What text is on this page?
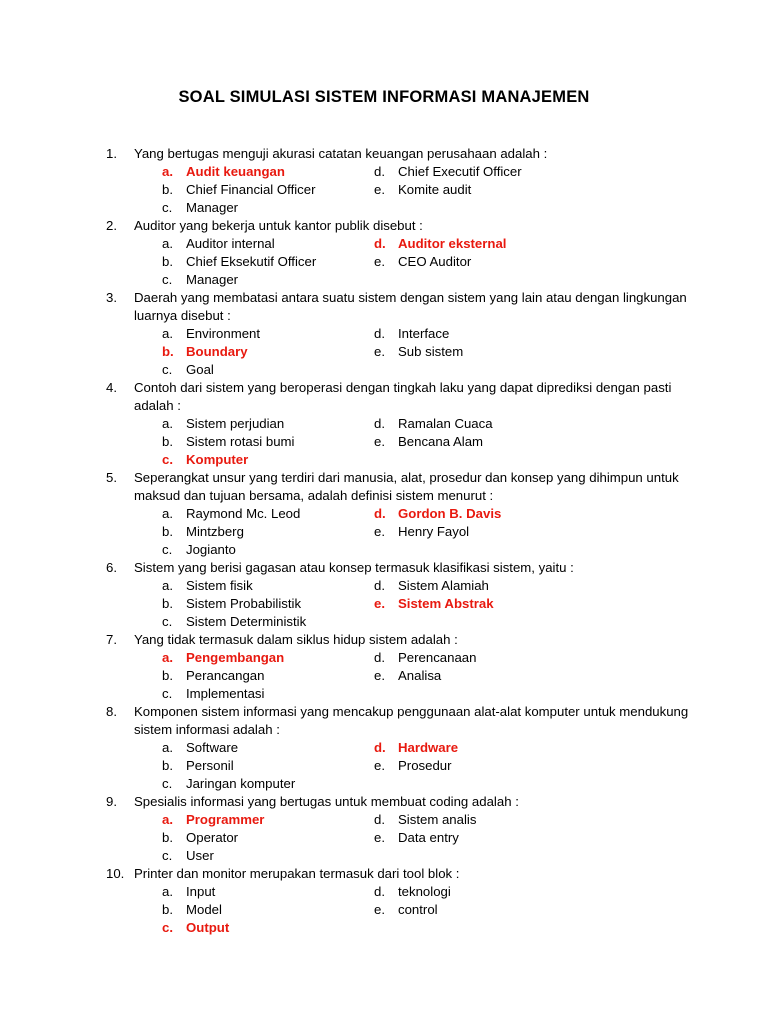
SOAL SIMULASI SISTEM INFORMASI MANAJEMEN
1.	Yang bertugas menguji akurasi catatan keuangan perusahaan adalah :

a. Audit keuangan	d. Chief Executif Officer
b. Chief Financial Officer	e. Komite audit
c.	Manager
2.	Auditor yang bekerja untuk kantor publik disebut :

a. Auditor internal	d. Auditor eksternal
b. Chief Eksekutif Officer	e. CEO Auditor
c.	Manager
3.	Daerah yang membatasi antara suatu sistem dengan sistem yang lain atau dengan lingkungan luarnya disebut :

a. Environment	d. Interface
b. Boundary	e. Sub sistem
c.	Goal
4.	Contoh dari sistem yang beroperasi dengan tingkah laku yang dapat diprediksi dengan pasti adalah :

a. Sistem perjudian	d. Ramalan Cuaca
b. Sistem rotasi bumi	e. Bencana Alam
c. Komputer
5.	Seperangkat unsur yang terdiri dari manusia, alat, prosedur dan konsep yang dihimpun untuk maksud dan tujuan bersama, adalah definisi sistem menurut :

a. Raymond Mc. Leod	d. Gordon B. Davis
b. Mintzberg	e. Henry Fayol
c.	Jogianto
6.	Sistem yang berisi gagasan atau konsep termasuk klasifikasi sistem, yaitu :

a. Sistem fisik	d. Sistem Alamiah
b. Sistem Probabilistik	e. Sistem Abstrak
c.	Sistem Deterministik
7.	Yang tidak termasuk dalam siklus hidup sistem adalah :

a. Pengembangan	d. Perencanaan
b. Perancangan	e. Analisa
c.	Implementasi
8.	Komponen sistem informasi yang mencakup penggunaan alat-alat komputer untuk mendukung sistem informasi adalah :

a. Software	d. Hardware
b. Personil	e. Prosedur
c.	Jaringan komputer
9.	Spesialis informasi yang bertugas untuk membuat coding adalah :

a. Programmer	d. Sistem analis
b. Operator	e. Data entry
c.	User
10. Printer dan monitor merupakan termasuk dari tool blok :

a. Input	d. teknologi
b. Model	e. control
c. Output
